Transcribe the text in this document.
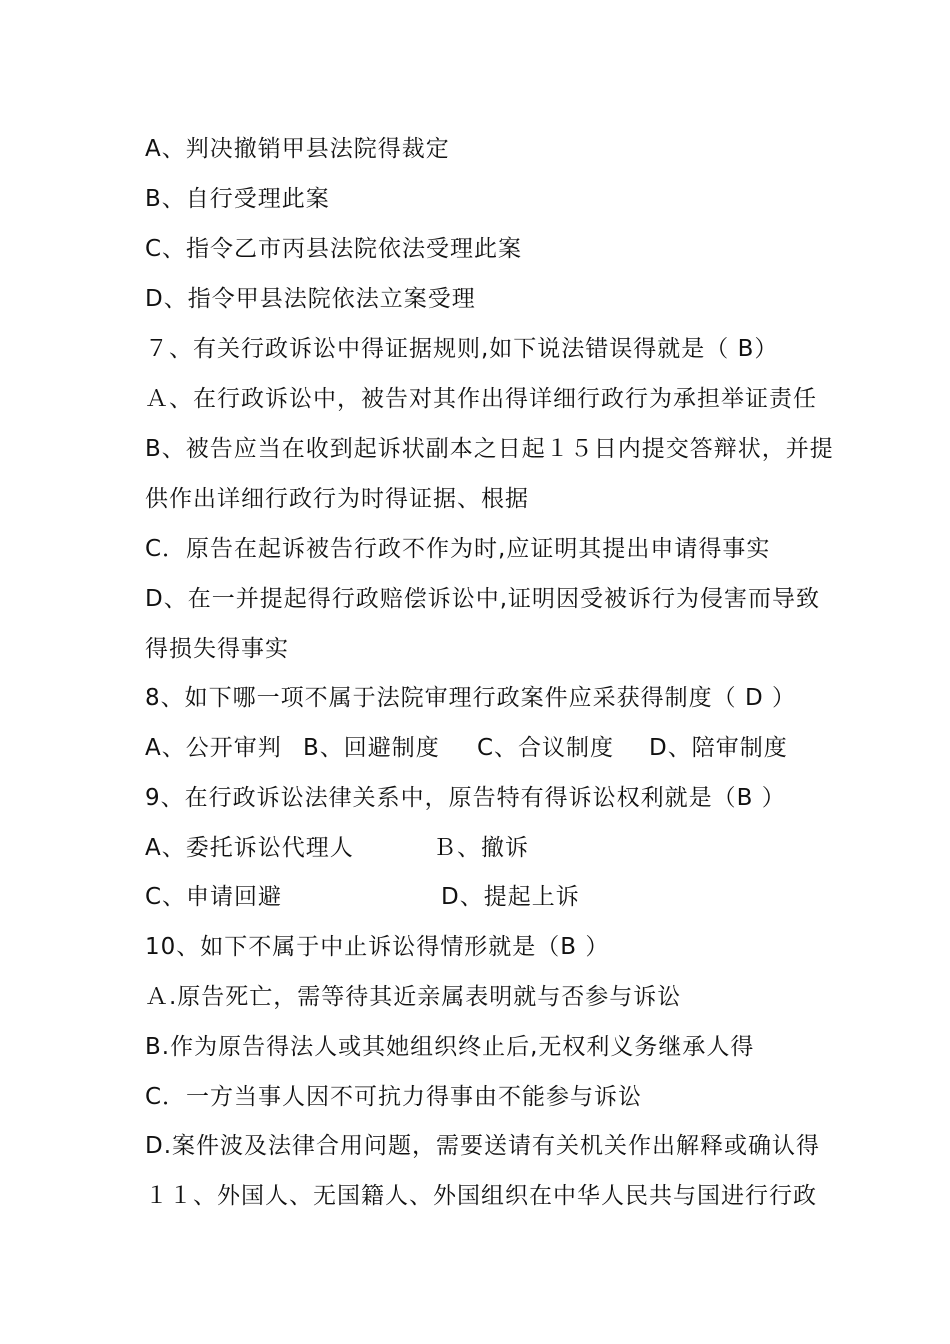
A、判决撤销甲县法院得裁定
B、自行受理此案
C、指令乙市丙县法院依法受理此案
D、指令甲县法院依法立案受理
７、有关行政诉讼中得证据规则,如下说法错误得就是（ B）
Ａ、在行政诉讼中，被告对其作出得详细行政行为承担举证责任
B、被告应当在收到起诉状副本之日起１５日内提交答辩状，并提
供作出详细行政行为时得证据、根据
C．原告在起诉被告行政不作为时,应证明其提出申请得事实
D、在一并提起得行政赔偿诉讼中,证明因受被诉行为侵害而导致
得损失得事实
8、如下哪一项不属于法院审理行政案件应采获得制度（ D ）
A、公开审判 B、回避制度 C、合议制度 D、陪审制度
9、在行政诉讼法律关系中，原告特有得诉讼权利就是（B ）
A、委托诉讼代理人	Ｂ、撤诉
C、申请回避	D、提起上诉
10、如下不属于中止诉讼得情形就是（B ）
Ａ.原告死亡，需等待其近亲属表明就与否参与诉讼
B.作为原告得法人或其她组织终止后,无权利义务继承人得
C．一方当事人因不可抗力得事由不能参与诉讼
D.案件波及法律合用问题，需要送请有关机关作出解释或确认得
１１、外国人、无国籍人、外国组织在中华人民共与国进行行政
